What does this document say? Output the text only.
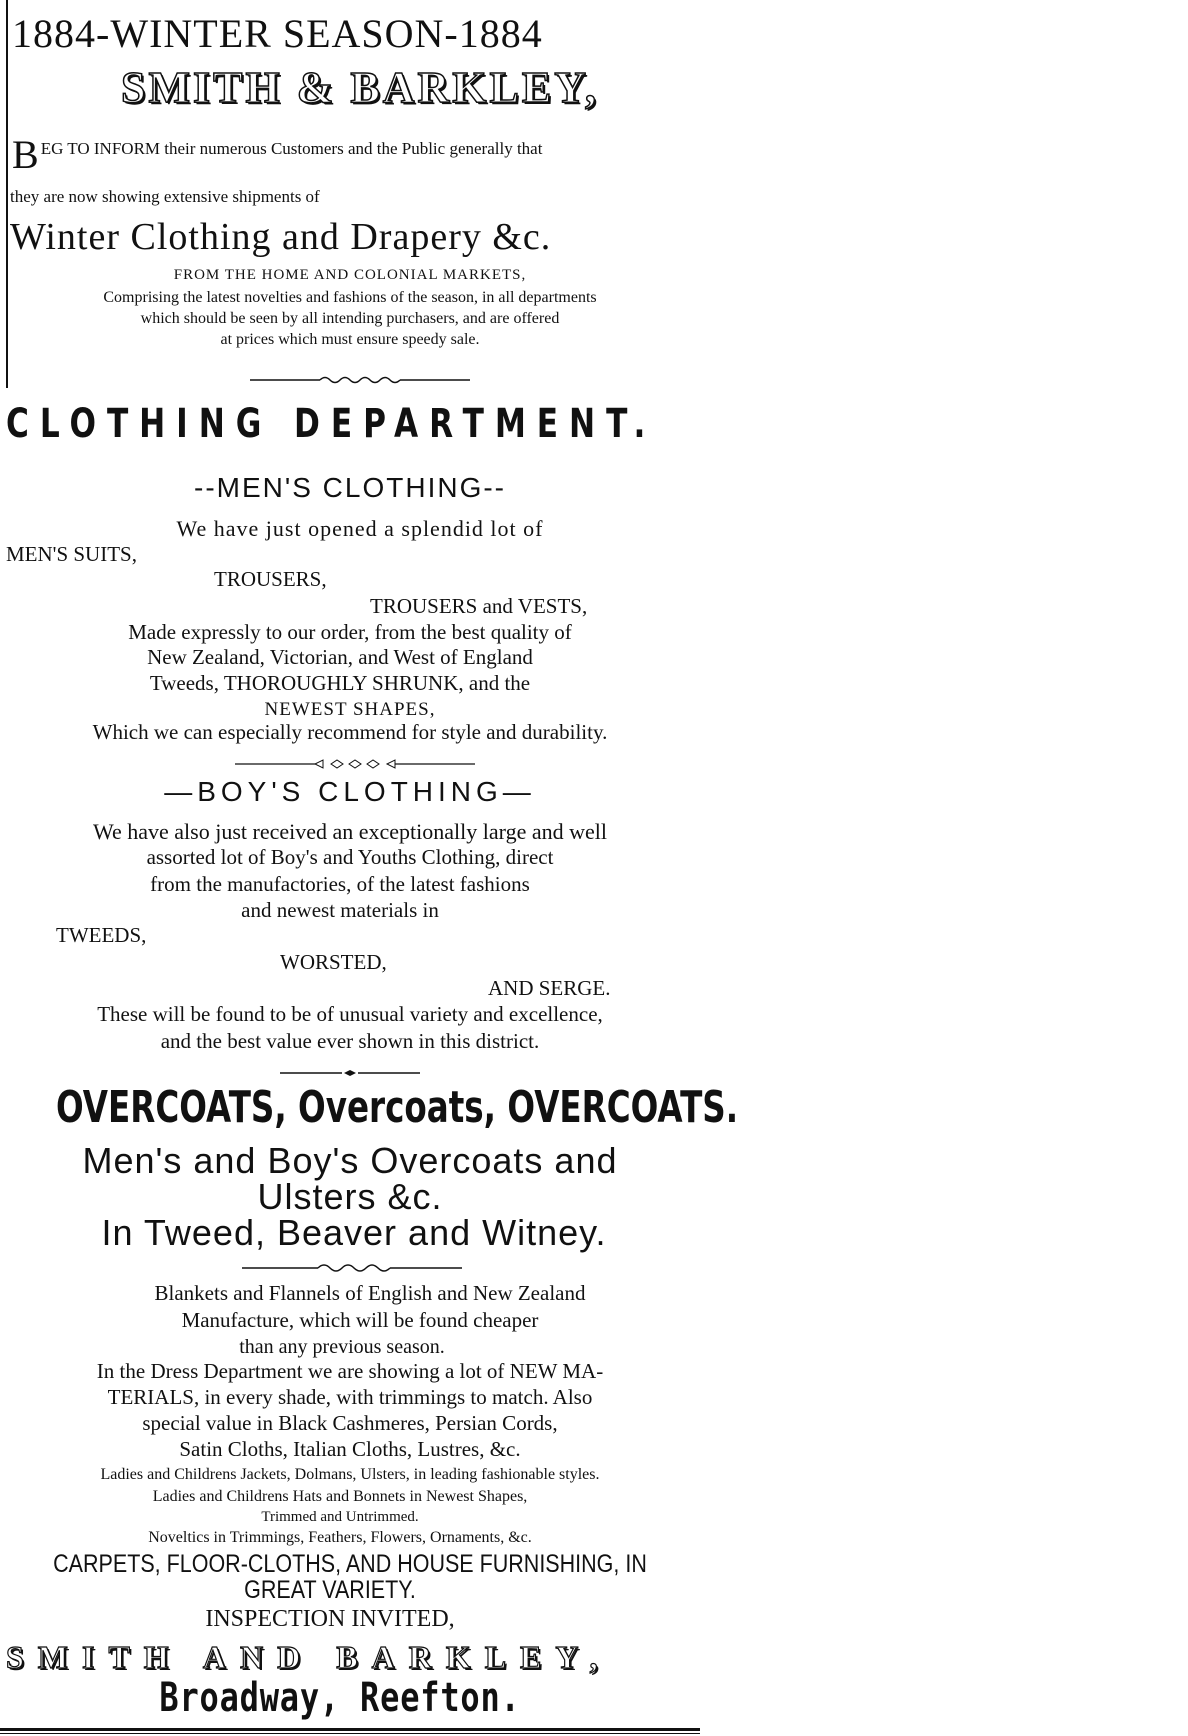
1884-WINTER SEASON-1884

SMITH & BARKLEY,

B EG TO INFORM their numerous Customers and the Public generally that

they are now showing extensive shipments of

Winter Clothing and Drapery &c.

FROM THE HOME AND COLONIAL MARKETS,

Comprising the latest novelties and fashions of the season, in all departments

which should be seen by all intending purchasers, and are offered

at prices which must ensure speedy sale.

CLOTHING DEPARTMENT.

--MEN'S CLOTHING--

We have just opened a splendid lot of

MEN'S SUITS,

TROUSERS,

TROUSERS and VESTS,

Made expressly to our order, from the best quality of

New Zealand, Victorian, and West of England

Tweeds, THOROUGHLY SHRUNK, and the

NEWEST SHAPES,

Which we can especially recommend for style and durability.

—BOY'S CLOTHING—

We have also just received an exceptionally large and well

assorted lot of Boy's and Youths Clothing, direct

from the manufactories, of the latest fashions

and newest materials in

TWEEDS,

WORSTED,

AND SERGE.

These will be found to be of unusual variety and excellence,

and the best value ever shown in this district.

OVERCOATS, Overcoats, OVERCOATS.

Men's and Boy's Overcoats and

Ulsters &c.

In Tweed, Beaver and Witney.

Blankets and Flannels of English and New Zealand

Manufacture, which will be found cheaper

than any previous season.

In the Dress Department we are showing a lot of NEW MA-

TERIALS, in every shade, with trimmings to match. Also

special value in Black Cashmeres, Persian Cords,

Satin Cloths, Italian Cloths, Lustres, &c.

Ladies and Childrens Jackets, Dolmans, Ulsters, in leading fashionable styles.

Ladies and Childrens Hats and Bonnets in Newest Shapes,

Trimmed and Untrimmed.

Noveltics in Trimmings, Feathers, Flowers, Ornaments, &c.

CARPETS, FLOOR-CLOTHS, AND HOUSE FURNISHING, IN

GREAT VARIETY.

INSPECTION INVITED,

SMITH AND BARKLEY,

Broadway, Reefton.
